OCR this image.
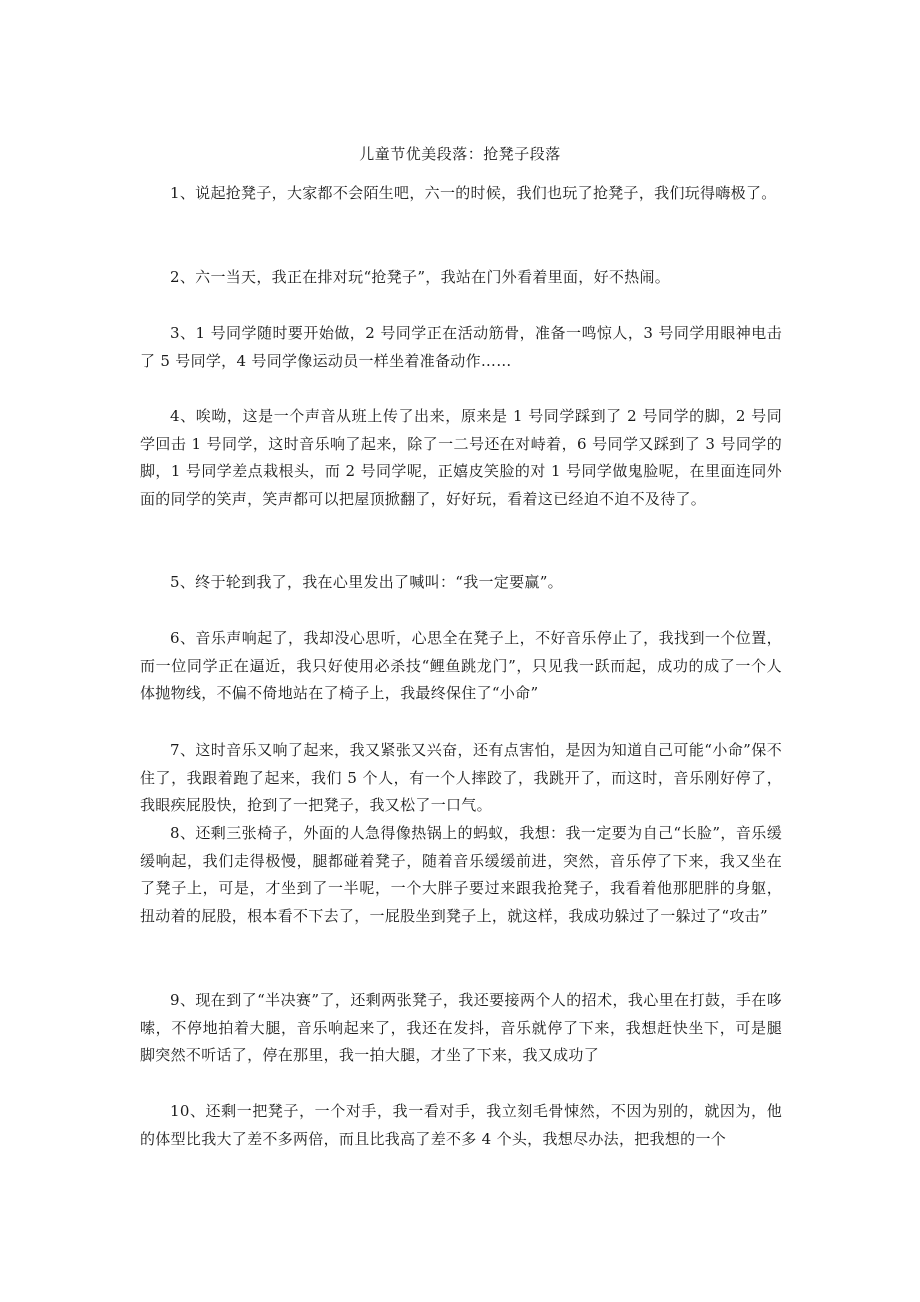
儿童节优美段落：抢凳子段落

1、说起抢凳子，大家都不会陌生吧，六一的时候，我们也玩了抢凳子，我们玩得嗨极了。

2、六一当天，我正在排对玩“抢凳子”，我站在门外看着里面，好不热闹。

3、1 号同学随时要开始做，2 号同学正在活动筋骨，准备一鸣惊人，3 号同学用眼神电击了 5 号同学，4 号同学像运动员一样坐着准备动作……

4、唉呦，这是一个声音从班上传了出来，原来是 1 号同学踩到了 2 号同学的脚，2 号同学回击 1 号同学，这时音乐响了起来，除了一二号还在对峙着，6 号同学又踩到了 3 号同学的脚，1 号同学差点栽根头，而 2 号同学呢，正嬉皮笑脸的对 1 号同学做鬼脸呢，在里面连同外面的同学的笑声，笑声都可以把屋顶掀翻了，好好玩，看着这已经迫不迫不及待了。

5、终于轮到我了，我在心里发出了喊叫：“我一定要赢”。

6、音乐声响起了，我却没心思听，心思全在凳子上，不好音乐停止了，我找到一个位置，而一位同学正在逼近，我只好使用必杀技“鲤鱼跳龙门”，只见我一跃而起，成功的成了一个人体抛物线，不偏不倚地站在了椅子上，我最终保住了“小命”

7、这时音乐又响了起来，我又紧张又兴奋，还有点害怕，是因为知道自己可能“小命”保不住了，我跟着跑了起来，我们 5 个人，有一个人摔跤了，我跳开了，而这时，音乐刚好停了，我眼疾屁股快，抢到了一把凳子，我又松了一口气。

8、还剩三张椅子，外面的人急得像热锅上的蚂蚁，我想：我一定要为自己“长脸”，音乐缓缓响起，我们走得极慢，腿都碰着凳子，随着音乐缓缓前进，突然，音乐停了下来，我又坐在了凳子上，可是，才坐到了一半呢，一个大胖子要过来跟我抢凳子，我看着他那肥胖的身躯，扭动着的屁股，根本看不下去了，一屁股坐到凳子上，就这样，我成功躲过了一躲过了“攻击”

9、现在到了“半决赛”了，还剩两张凳子，我还要接两个人的招术，我心里在打鼓，手在哆嗦，不停地拍着大腿，音乐响起来了，我还在发抖，音乐就停了下来，我想赶快坐下，可是腿脚突然不听话了，停在那里，我一拍大腿，才坐了下来，我又成功了

10、还剩一把凳子，一个对手，我一看对手，我立刻毛骨悚然，不因为别的，就因为，他的体型比我大了差不多两倍，而且比我高了差不多 4 个头，我想尽办法，把我想的一个
